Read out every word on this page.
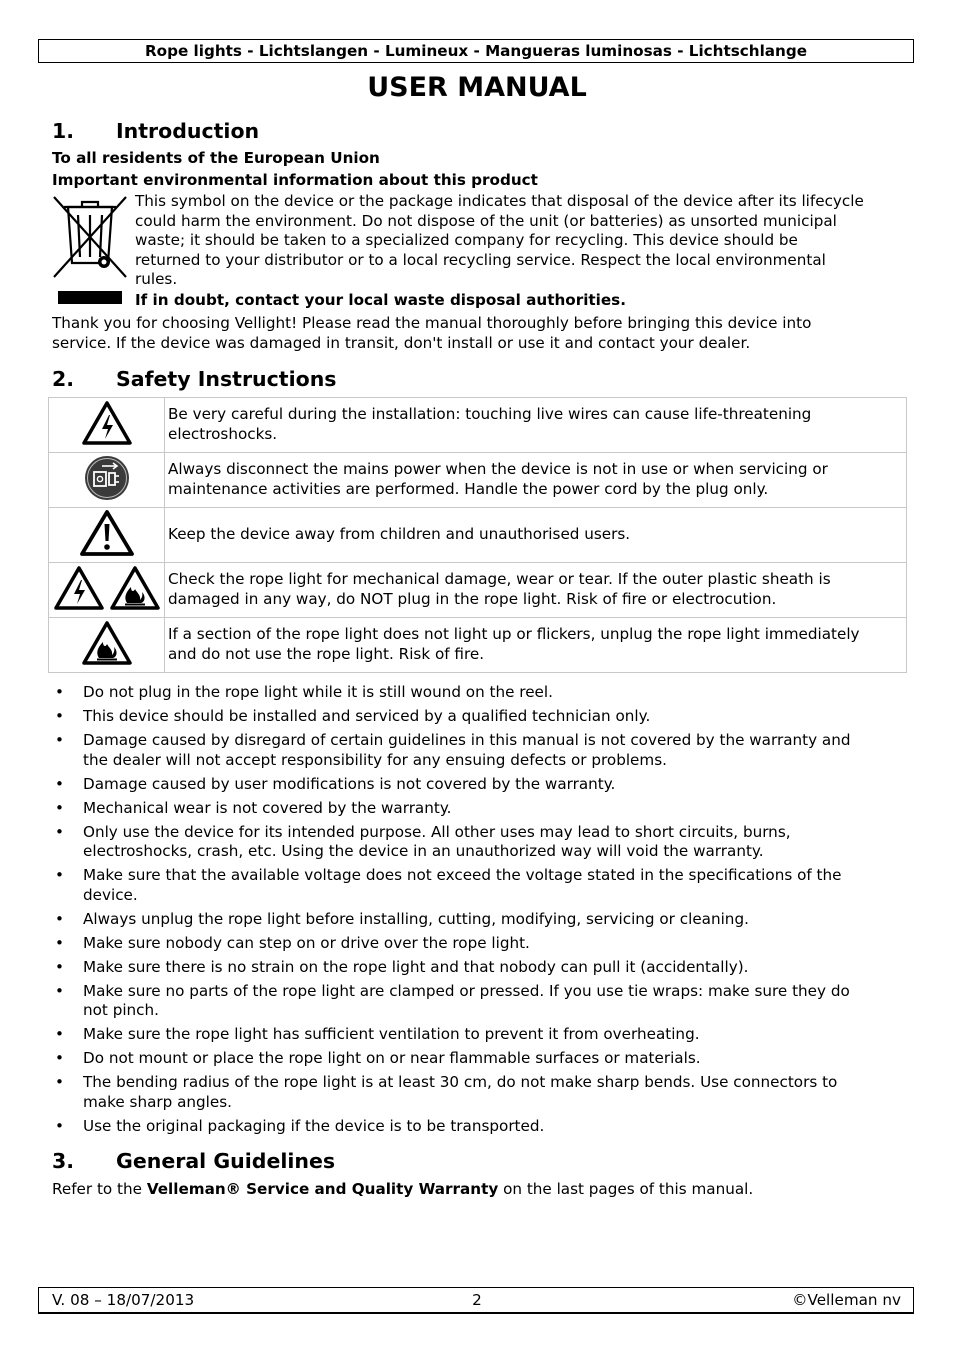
Rope lights - Lichtslangen - Lumineux - Mangueras luminosas - Lichtschlange
USER MANUAL
1. Introduction
To all residents of the European Union
Important environmental information about this product
This symbol on the device or the package indicates that disposal of the device after its lifecycle
could harm the environment. Do not dispose of the unit (or batteries) as unsorted municipal
waste; it should be taken to a specialized company for recycling. This device should be
returned to your distributor or to a local recycling service. Respect the local environmental
rules.
If in doubt, contact your local waste disposal authorities.
Thank you for choosing Vellight! Please read the manual thoroughly before bringing this device into
service. If the device was damaged in transit, don't install or use it and contact your dealer.
2. Safety Instructions

Be very careful during the installation: touching live wires can cause life-threatening
electroshocks.

Always disconnect the mains power when the device is not in use or when servicing or
maintenance activities are performed. Handle the power cord by the plug only.

Keep the device away from children and unauthorised users.

Check the rope light for mechanical damage, wear or tear. If the outer plastic sheath is
damaged in any way, do NOT plug in the rope light. Risk of fire or electrocution.

If a section of the rope light does not light up or flickers, unplug the rope light immediately
and do not use the rope light. Risk of fire.
• Do not plug in the rope light while it is still wound on the reel.
• This device should be installed and serviced by a qualified technician only.
• Damage caused by disregard of certain guidelines in this manual is not covered by the warranty and
the dealer will not accept responsibility for any ensuing defects or problems.
• Damage caused by user modifications is not covered by the warranty.
• Mechanical wear is not covered by the warranty.
• Only use the device for its intended purpose. All other uses may lead to short circuits, burns,
electroshocks, crash, etc. Using the device in an unauthorized way will void the warranty.
• Make sure that the available voltage does not exceed the voltage stated in the specifications of the
device.
• Always unplug the rope light before installing, cutting, modifying, servicing or cleaning.
• Make sure nobody can step on or drive over the rope light.
• Make sure there is no strain on the rope light and that nobody can pull it (accidentally).
• Make sure no parts of the rope light are clamped or pressed. If you use tie wraps: make sure they do
not pinch.
• Make sure the rope light has sufficient ventilation to prevent it from overheating.
• Do not mount or place the rope light on or near flammable surfaces or materials.
• The bending radius of the rope light is at least 30 cm, do not make sharp bends. Use connectors to
make sharp angles.
• Use the original packaging if the device is to be transported.
3. General Guidelines
Refer to the Velleman® Service and Quality Warranty on the last pages of this manual.
V. 08 – 18/07/2013	2	©Velleman nv
